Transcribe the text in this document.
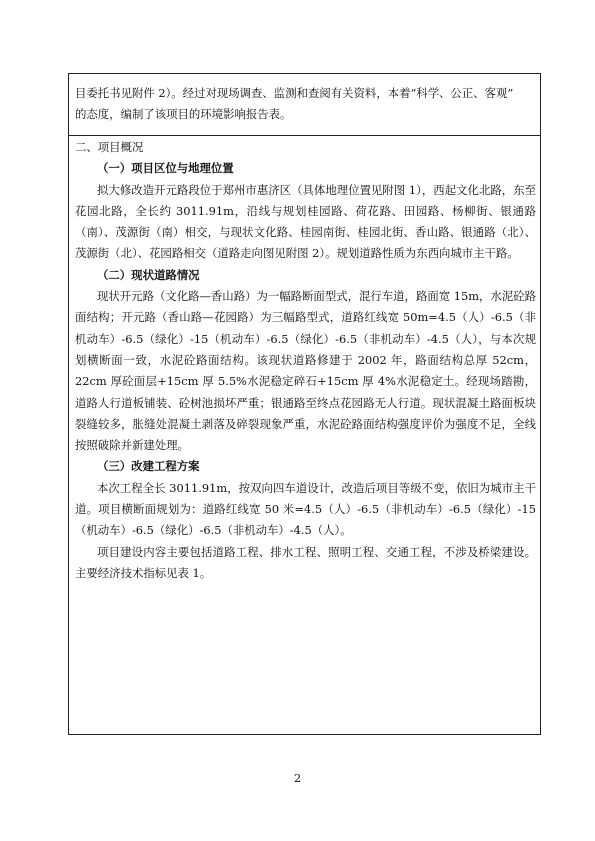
目委托书见附件 2）。经过对现场调查、监测和查阅有关资料，本着“科学、公正、客观”

的态度，编制了该项目的环境影响报告表。

二、项目概况

（一）项目区位与地理位置

拟大修改造开元路段位于郑州市惠济区（具体地理位置见附图 1），西起文化北路，东至花园北路，全长约 3011.91m，沿线与规划桂园路、荷花路、田园路、杨柳街、银通路（南）、茂源街（南）相交，与现状文化路、桂园南街、桂园北街、香山路、银通路（北）、茂源街（北）、花园路相交（道路走向图见附图 2）。规划道路性质为东西向城市主干路。

（二）现状道路情况

现状开元路（文化路—香山路）为一幅路断面型式，混行车道，路面宽 15m，水泥砼路面结构；开元路（香山路—花园路）为三幅路型式，道路红线宽 50m=4.5（人）-6.5（非机动车）-6.5（绿化）-15（机动车）-6.5（绿化）-6.5（非机动车）-4.5（人），与本次规划横断面一致，水泥砼路面结构。该现状道路修建于 2002 年，路面结构总厚 52cm，22cm 厚砼面层+15cm 厚 5.5%水泥稳定碎石+15cm 厚 4%水泥稳定土。经现场踏勘，道路人行道板铺装、砼树池损坏严重；银通路至终点花园路无人行道。现状混凝土路面板块裂缝较多，胀缝处混凝土剥落及碎裂现象严重，水泥砼路面结构强度评价为强度不足，全线按照破除并新建处理。

（三）改建工程方案

本次工程全长 3011.91m，按双向四车道设计，改造后项目等级不变，依旧为城市主干道。项目横断面规划为：道路红线宽 50 米=4.5（人）-6.5（非机动车）-6.5（绿化）-15（机动车）-6.5（绿化）-6.5（非机动车）-4.5（人）。

项目建设内容主要包括道路工程、排水工程、照明工程、交通工程，不涉及桥梁建设。主要经济技术指标见表 1。

2
